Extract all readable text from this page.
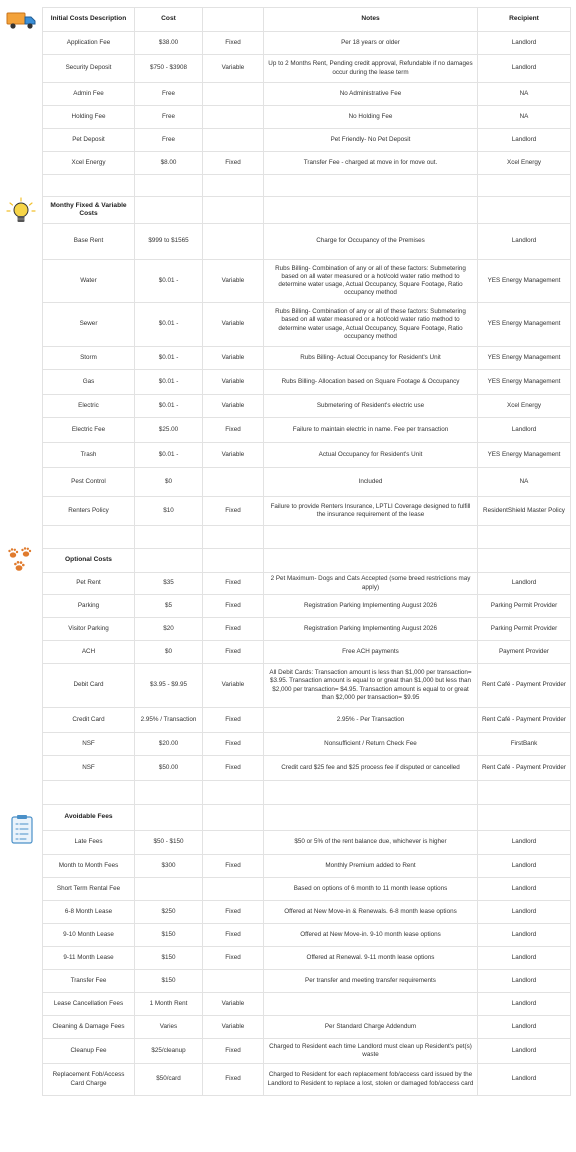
Initial Costs Description	Cost		Notes	Recipient
Application Fee	$38.00	Fixed	Per 18 years or older	Landlord
Security Deposit	$750 - $3908	Variable	Up to 2 Months Rent, Pending credit approval, Refundable if no damages occur during the lease term	Landlord
Admin Fee	Free		No Administrative Fee	NA
Holding Fee	Free		No Holding Fee	NA
Pet Deposit	Free		Pet Friendly- No Pet Deposit	Landlord
Xcel Energy	$8.00	Fixed	Transfer Fee - charged at move in for move out.	Xcel Energy

Monthy Fixed & Variable Costs				
Base Rent	$999 to $1565		Charge for Occupancy of the Premises	Landlord
Water	$0.01 -	Variable	Rubs Billing- Combination of any or all of these factors: Submetering based on all water measured or a hot/cold water ratio method to determine water usage, Actual Occupancy, Square Footage, Ratio occupancy method	YES Energy Management
Sewer	$0.01 -	Variable	Rubs Billing- Combination of any or all of these factors: Submetering based on all water measured or a hot/cold water ratio method to determine water usage, Actual Occupancy, Square Footage, Ratio occupancy method	YES Energy Management
Storm	$0.01 -	Variable	Rubs Billing- Actual Occupancy for Resident's Unit	YES Energy Management
Gas	$0.01 -	Variable	Rubs Billing- Allocation based on Square Footage & Occupancy	YES Energy Management
Electric	$0.01 -	Variable	Submetering of Resident's electric use	Xcel Energy
Electric Fee	$25.00	Fixed	Failure to maintain electric in name. Fee per transaction	Landlord
Trash	$0.01 -	Variable	Actual Occupancy for Resident's Unit	YES Energy Management
Pest Control	$0		Included	NA
Renters Policy	$10	Fixed	Failure to provide Renters Insurance, LPTLI Coverage designed to fulfill the insurance requirement of the lease	ResidentShield Master Policy

Optional Costs				
Pet Rent	$35	Fixed	2 Pet Maximum- Dogs and Cats Accepted (some breed restrictions may apply)	Landlord
Parking	$5	Fixed	Registration Parking Implementing August 2026	Parking Permit Provider
Visitor Parking	$20	Fixed	Registration Parking Implementing August 2026	Parking Permit Provider
ACH	$0	Fixed	Free ACH payments	Payment Provider
Debit Card	$3.95 - $9.95	Variable	All Debit Cards: Transaction amount is less than $1,000 per transaction= $3.95. Transaction amount is equal to or great than $1,000 but less than $2,000 per transaction= $4.95. Transaction amount is equal to or great than $2,000 per transaction= $9.95	Rent Café - Payment Provider
Credit Card	2.95% / Transaction	Fixed	2.95% - Per Transaction	Rent Café - Payment Provider
NSF	$20.00	Fixed	Nonsufficient / Return Check Fee	FirstBank
NSF	$50.00	Fixed	Credit card $25 fee and $25 process fee if disputed or cancelled	Rent Café - Payment Provider

Avoidable Fees				
Late Fees	$50 - $150		$50 or 5% of the rent balance due, whichever is higher	Landlord
Month to Month Fees	$300	Fixed	Monthly Premium added to Rent	Landlord
Short Term Rental Fee			Based on options of 6 month to 11 month lease options	Landlord
6-8 Month Lease	$250	Fixed	Offered at New Move-in & Renewals. 6-8 month lease options	Landlord
9-10 Month Lease	$150	Fixed	Offered at New Move-in. 9-10 month lease options	Landlord
9-11 Month Lease	$150	Fixed	Offered at Renewal. 9-11 month lease options	Landlord
Transfer Fee	$150		Per transfer and meeting transfer requirements	Landlord
Lease Cancellation Fees	1 Month Rent	Variable		Landlord
Cleaning & Damage Fees	Varies	Variable	Per Standard Charge Addendum	Landlord
Cleanup Fee	$25/cleanup	Fixed	Charged to Resident each time Landlord must clean up Resident's pet(s) waste	Landlord
Replacement Fob/Access Card Charge	$50/card	Fixed	Charged to Resident for each replacement fob/access card issued by the Landlord to Resident to replace a lost, stolen or damaged fob/access card	Landlord
